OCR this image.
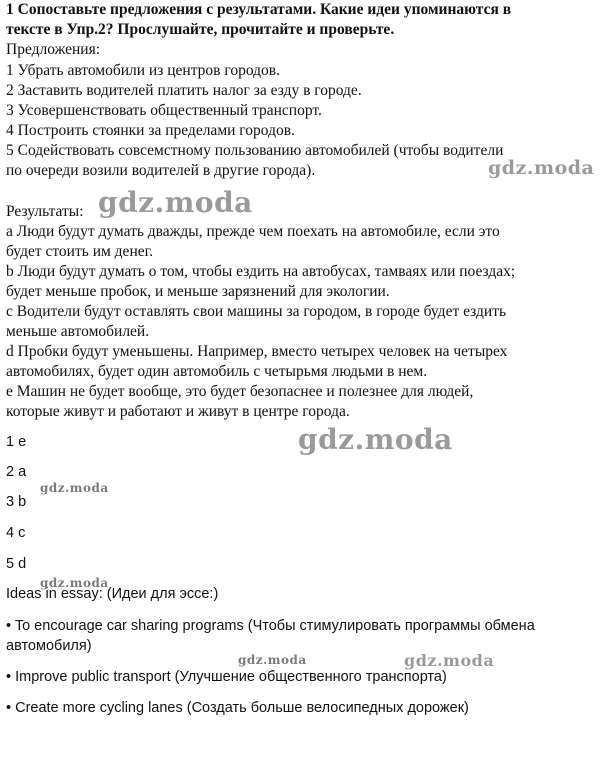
1 Сопоставьте предложения с результатами. Какие идеи упоминаются в
тексте в Упр.2? Прослушайте, прочитайте и проверьте.
Предложения:
1 Убрать автомобили из центров городов.
2 Заставить водителей платить налог за езду в городе.
3 Усовершенствовать общественный транспорт.
4 Построить стоянки за пределами городов.
5 Содействовать совсемстному пользованию автомобилей (чтобы водители
по очереди возили водителей в другие города).
Результаты:
a Люди будут думать дважды, прежде чем поехать на автомобиле, если это
будет стоить им денег.
b Люди будут думать о том, чтобы ездить на автобусах, тамваях или поездах;
будет меньше пробок, и меньше зарязнений для экологии.
c Водители будут оставлять свои машины за городом, в городе будет ездить
меньше автомобилей.
d Пробки будут уменьшены. Например, вместо четырех человек на четырех
автомобилях, будет один автомобиль с четырьмя людьми в нем.
e Машин не будет вообще, это будет безопаснее и полезнее для людей,
которые живут и работают и живут в центре города.
1 e
2 a
3 b
4 c
5 d
Ideas in essay: (Идеи для эссе:)
• To encourage car sharing programs (Чтобы стимулировать программы обмена
автомобиля)
• Improve public transport (Улучшение общественного транспорта)
• Create more cycling lanes (Создать больше велосипедных дорожек)
gdz.moda
gdz.moda
gdz.moda
gdz.moda
gdz.moda
gdz.moda	gdz.moda
